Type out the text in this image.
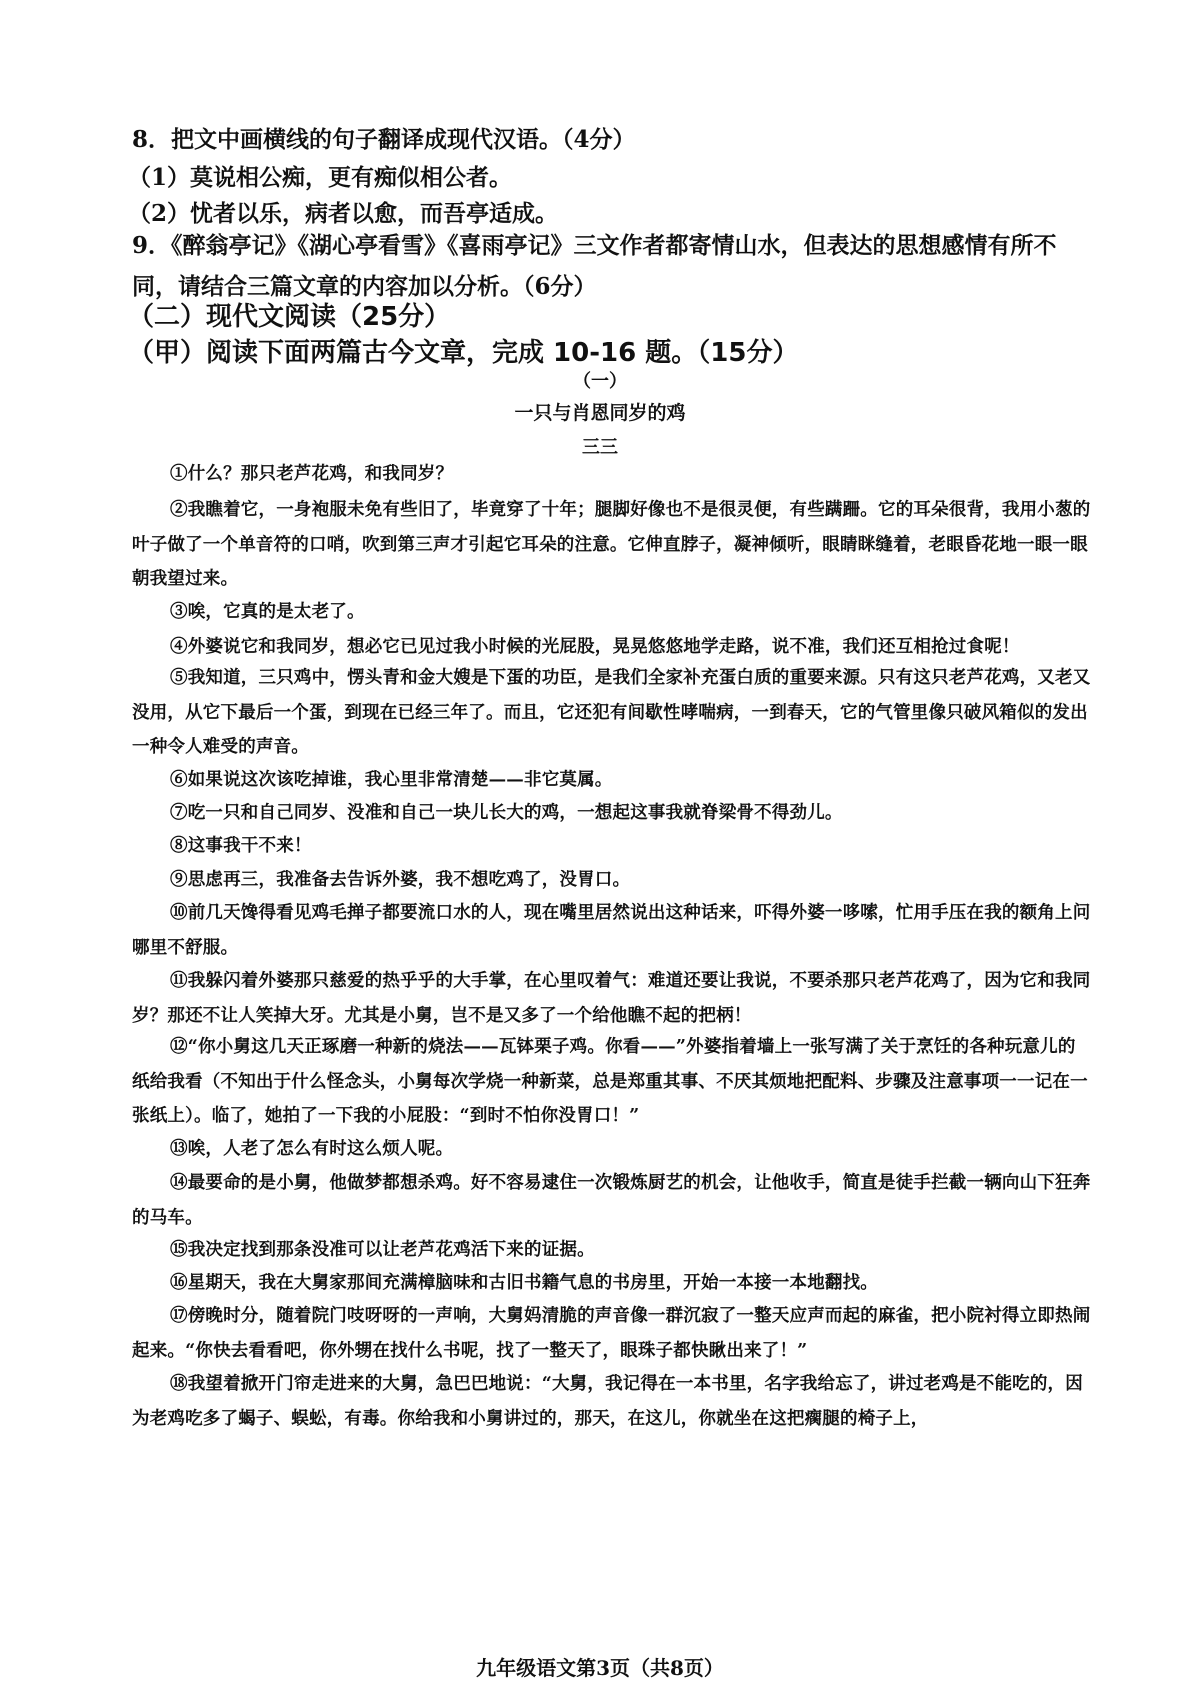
8．把文中画横线的句子翻译成现代汉语。（4分）
（1）莫说相公痴，更有痴似相公者。
（2）忧者以乐，病者以愈，而吾亭适成。
9．《醉翁亭记》《湖心亭看雪》《喜雨亭记》三文作者都寄情山水，但表达的思想感情有所不同，请结合三篇文章的内容加以分析。（6分）
（二）现代文阅读（25分）
（甲）阅读下面两篇古今文章，完成 10-16 题。（15分）
（一）
一只与肖恩同岁的鸡
三三
①什么？那只老芦花鸡，和我同岁？
②我瞧着它，一身袍服未免有些旧了，毕竟穿了十年；腿脚好像也不是很灵便，有些蹒跚。它的耳朵很背，我用小葱的叶子做了一个单音符的口哨，吹到第三声才引起它耳朵的注意。它伸直脖子，凝神倾听，眼睛眯缝着，老眼昏花地一眼一眼朝我望过来。
③唉，它真的是太老了。
④外婆说它和我同岁，想必它已见过我小时候的光屁股，晃晃悠悠地学走路，说不准，我们还互相抢过食呢！
⑤我知道，三只鸡中，愣头青和金大嫂是下蛋的功臣，是我们全家补充蛋白质的重要来源。只有这只老芦花鸡，又老又没用，从它下最后一个蛋，到现在已经三年了。而且，它还犯有间歇性哮喘病，一到春天，它的气管里像只破风箱似的发出一种令人难受的声音。
⑥如果说这次该吃掉谁，我心里非常清楚——非它莫属。
⑦吃一只和自己同岁、没准和自己一块儿长大的鸡，一想起这事我就脊梁骨不得劲儿。
⑧这事我干不来！
⑨思虑再三，我准备去告诉外婆，我不想吃鸡了，没胃口。
⑩前几天馋得看见鸡毛掸子都要流口水的人，现在嘴里居然说出这种话来，吓得外婆一哆嗦，忙用手压在我的额角上问哪里不舒服。
⑪我躲闪着外婆那只慈爱的热乎乎的大手掌，在心里叹着气：难道还要让我说，不要杀那只老芦花鸡了，因为它和我同岁？那还不让人笑掉大牙。尤其是小舅，岂不是又多了一个给他瞧不起的把柄！
⑫“你小舅这几天正琢磨一种新的烧法——瓦钵栗子鸡。你看——”外婆指着墙上一张写满了关于烹饪的各种玩意儿的纸给我看（不知出于什么怪念头，小舅每次学烧一种新菜，总是郑重其事、不厌其烦地把配料、步骤及注意事项一一记在一张纸上）。临了，她拍了一下我的小屁股：“到时不怕你没胃口！”
⑬唉，人老了怎么有时这么烦人呢。
⑭最要命的是小舅，他做梦都想杀鸡。好不容易逮住一次锻炼厨艺的机会，让他收手，简直是徒手拦截一辆向山下狂奔的马车。
⑮我决定找到那条没准可以让老芦花鸡活下来的证据。
⑯星期天，我在大舅家那间充满樟脑味和古旧书籍气息的书房里，开始一本接一本地翻找。
⑰傍晚时分，随着院门吱呀呀的一声响，大舅妈清脆的声音像一群沉寂了一整天应声而起的麻雀，把小院衬得立即热闹起来。“你快去看看吧，你外甥在找什么书呢，找了一整天了，眼珠子都快瞅出来了！”
⑱我望着掀开门帘走进来的大舅，急巴巴地说：“大舅，我记得在一本书里，名字我给忘了，讲过老鸡是不能吃的，因为老鸡吃多了蝎子、蜈蚣，有毒。你给我和小舅讲过的，那天，在这儿，你就坐在这把瘸腿的椅子上，
九年级语文第3页（共8页）
